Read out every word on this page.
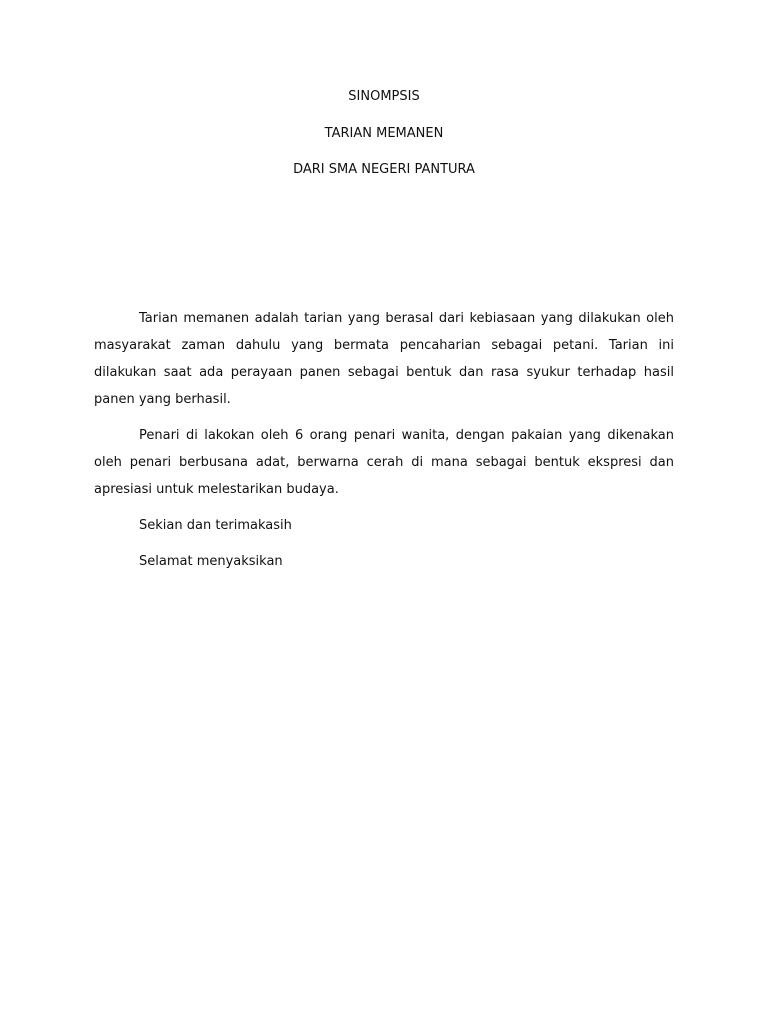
SINOMPSIS
TARIAN MEMANEN
DARI SMA NEGERI PANTURA

Tarian memanen adalah tarian yang berasal dari kebiasaan yang dilakukan oleh masyarakat zaman dahulu yang bermata pencaharian sebagai petani. Tarian ini dilakukan saat ada perayaan panen sebagai bentuk dan rasa syukur terhadap hasil panen yang berhasil.

Penari di lakokan oleh 6 orang penari wanita, dengan pakaian yang dikenakan oleh penari berbusana adat, berwarna cerah di mana sebagai bentuk ekspresi dan apresiasi untuk melestarikan budaya.

Sekian dan terimakasih

Selamat menyaksikan
